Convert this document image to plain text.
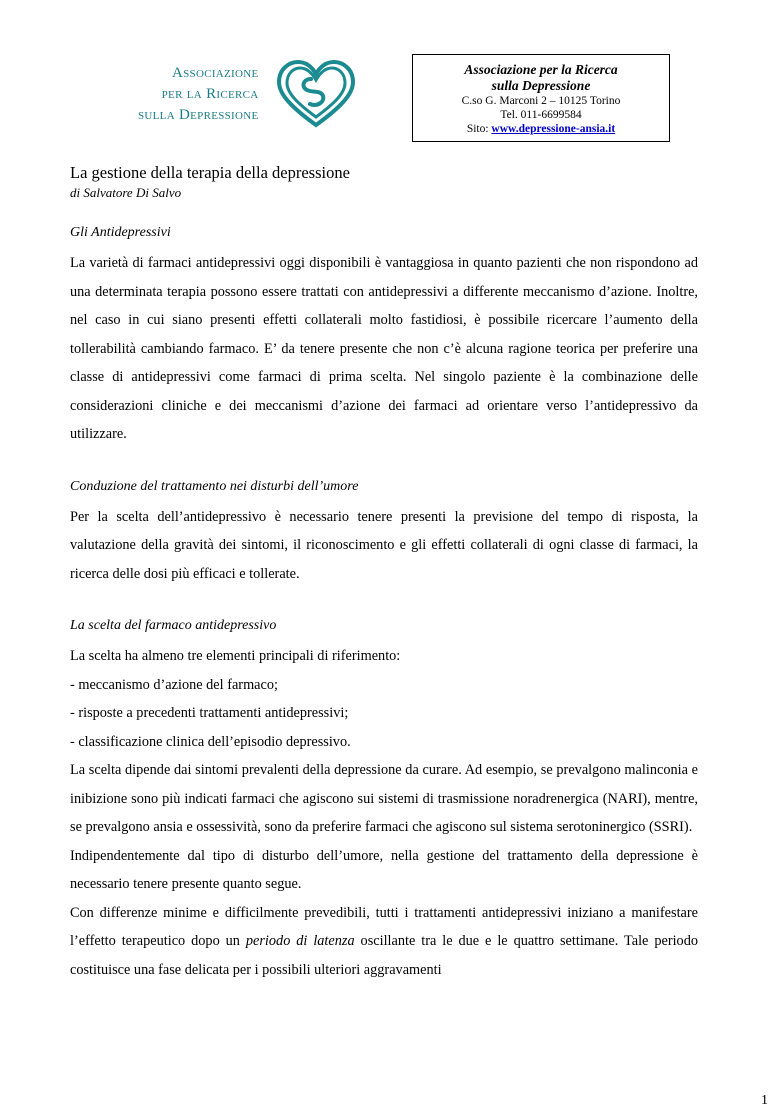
Associazione
per la Ricerca
sulla Depressione
Associazione per la Ricerca
sulla Depressione
C.so G. Marconi 2 – 10125 Torino
Tel. 011-6699584
Sito: www.depressione-ansia.it
La gestione della terapia della depressione
di Salvatore Di Salvo
Gli Antidepressivi

La varietà di farmaci antidepressivi oggi disponibili è vantaggiosa in quanto pazienti che non rispondono ad una determinata terapia possono essere trattati con antidepressivi a differente meccanismo d’azione. Inoltre, nel caso in cui siano presenti effetti collaterali molto fastidiosi, è possibile ricercare l’aumento della tollerabilità cambiando farmaco. E’ da tenere presente che non c’è alcuna ragione teorica per preferire una classe di antidepressivi come farmaci di prima scelta. Nel singolo paziente è la combinazione delle considerazioni cliniche e dei meccanismi d’azione dei farmaci ad orientare verso l’antidepressivo da utilizzare.

Conduzione del trattamento nei disturbi dell’umore

Per la scelta dell’antidepressivo è necessario tenere presenti la previsione del tempo di risposta, la valutazione della gravità dei sintomi, il riconoscimento e gli effetti collaterali di ogni classe di farmaci, la ricerca delle dosi più efficaci e tollerate.

La scelta del farmaco antidepressivo

La scelta ha almeno tre elementi principali di riferimento:

- meccanismo d’azione del farmaco;

- risposte a precedenti trattamenti antidepressivi;

- classificazione clinica dell’episodio depressivo.

La scelta dipende dai sintomi prevalenti della depressione da curare. Ad esempio, se prevalgono malinconia e inibizione sono più indicati farmaci che agiscono sui sistemi di trasmissione noradrenergica (NARI), mentre, se prevalgono ansia e ossessività, sono da preferire farmaci che agiscono sul sistema serotoninergico (SSRI).

Indipendentemente dal tipo di disturbo dell’umore, nella gestione del trattamento della depressione è necessario tenere presente quanto segue.

Con differenze minime e difficilmente prevedibili, tutti i trattamenti antidepressivi iniziano a manifestare l’effetto terapeutico dopo un periodo di latenza oscillante tra le due e le quattro settimane. Tale periodo costituisce una fase delicata per i possibili ulteriori aggravamenti

1
